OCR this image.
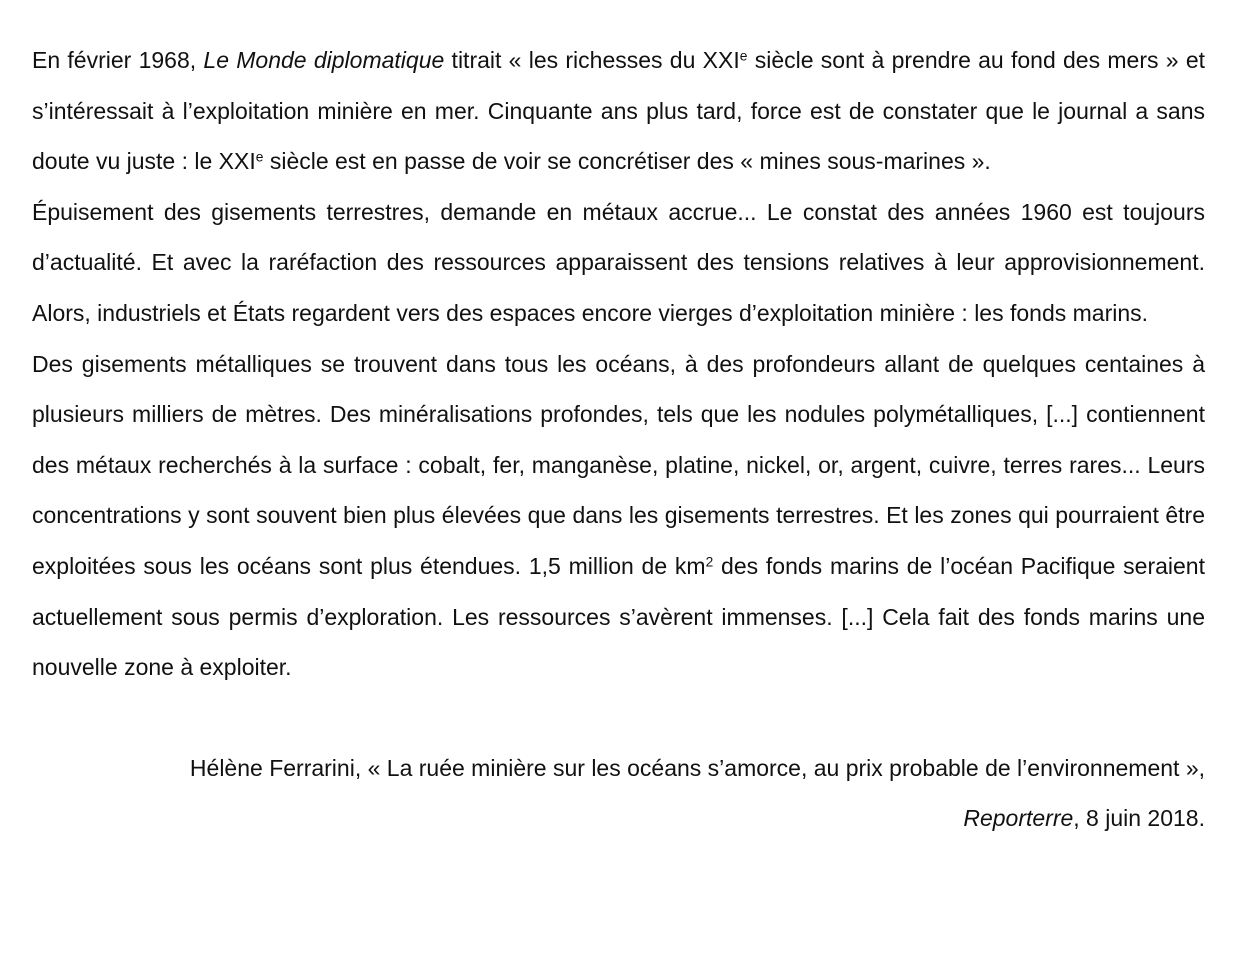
En février 1968, Le Monde diplomatique titrait « les richesses du XXIe siècle sont à prendre au fond des mers » et s’intéressait à l’exploitation minière en mer. Cinquante ans plus tard, force est de constater que le journal a sans doute vu juste : le XXIe siècle est en passe de voir se concrétiser des « mines sous-marines ».

Épuisement des gisements terrestres, demande en métaux accrue... Le constat des années 1960 est toujours d’actualité. Et avec la raréfaction des ressources apparaissent des tensions relatives à leur approvisionnement. Alors, industriels et États regardent vers des espaces encore vierges d’exploitation minière : les fonds marins.

Des gisements métalliques se trouvent dans tous les océans, à des profondeurs allant de quelques centaines à plusieurs milliers de mètres. Des minéralisations profondes, tels que les nodules polymétalliques, [...] contiennent des métaux recherchés à la surface : cobalt, fer, manganèse, platine, nickel, or, argent, cuivre, terres rares... Leurs concentrations y sont souvent bien plus élevées que dans les gisements terrestres. Et les zones qui pourraient être exploitées sous les océans sont plus étendues. 1,5 million de $km^2$ des fonds marins de l’océan Pacifique seraient actuellement sous permis d’exploration. Les ressources s’avèrent immenses. [...] Cela fait des fonds marins une nouvelle zone à exploiter.

Hélène Ferrarini, « La ruée minière sur les océans s’amorce, au prix probable de l’environnement »,
Reporterre, 8 juin 2018.
